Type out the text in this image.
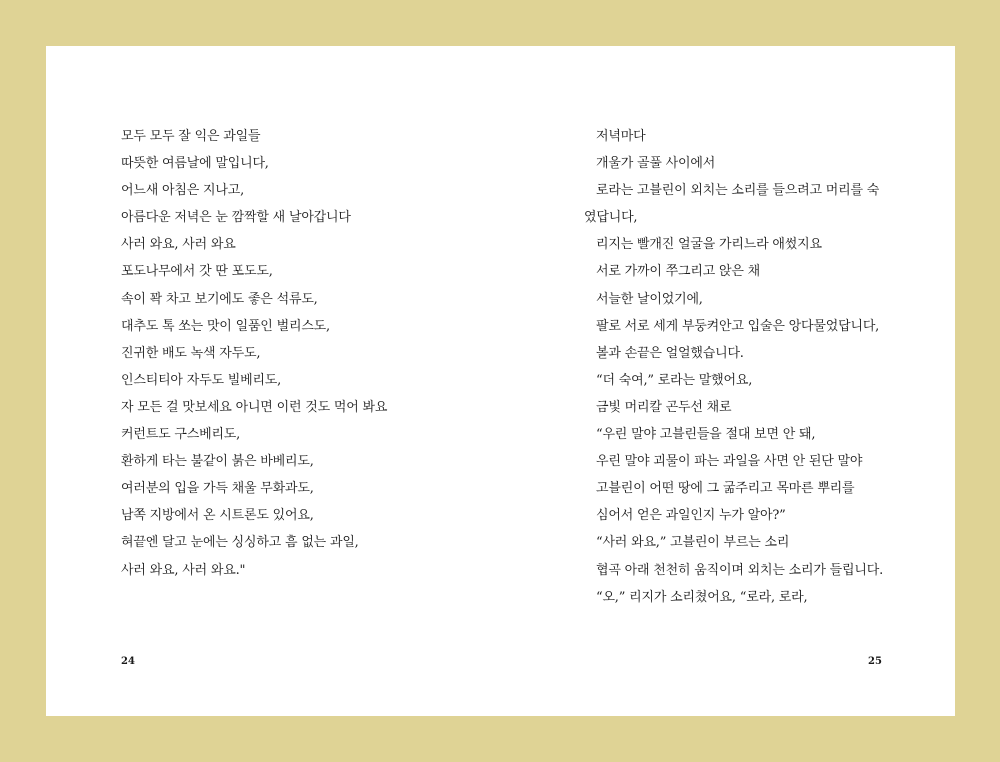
모두 모두 잘 익은 과일들
따뜻한 여름날에 말입니다,
어느새 아침은 지나고,
아름다운 저녁은 눈 깜짝할 새 날아갑니다
사러 와요, 사러 와요
포도나무에서 갓 딴 포도도,
속이 꽉 차고 보기에도 좋은 석류도,
대추도 톡 쏘는 맛이 일품인 벌리스도,
진귀한 배도 녹색 자두도,
인스티티아 자두도 빌베리도,
자 모든 걸 맛보세요 아니면 이런 것도 먹어 봐요
커런트도 구스베리도,
환하게 타는 불같이 붉은 바베리도,
여러분의 입을 가득 채울 무화과도,
남쪽 지방에서 온 시트론도 있어요,
혀끝엔 달고 눈에는 싱싱하고 흠 없는 과일,
사러 와요, 사러 와요."
저녁마다
개울가 골풀 사이에서
로라는 고블린이 외치는 소리를 들으려고 머리를 숙
였답니다,
리지는 빨개진 얼굴을 가리느라 애썼지요
서로 가까이 쭈그리고 앉은 채
서늘한 날이었기에,
팔로 서로 세게 부둥켜안고 입술은 앙다물었답니다,
볼과 손끝은 얼얼했습니다.
“더 숙여,” 로라는 말했어요,
금빛 머리칼 곤두선 채로
“우린 말야 고블린들을 절대 보면 안 돼,
우린 말야 괴물이 파는 과일을 사면 안 된단 말야
고블린이 어떤 땅에 그 굶주리고 목마른 뿌리를
심어서 얻은 과일인지 누가 알아?”
“사러 와요,” 고블린이 부르는 소리
협곡 아래 천천히 움직이며 외치는 소리가 들립니다.
“오,” 리지가 소리쳤어요, “로라, 로라,
24	25
